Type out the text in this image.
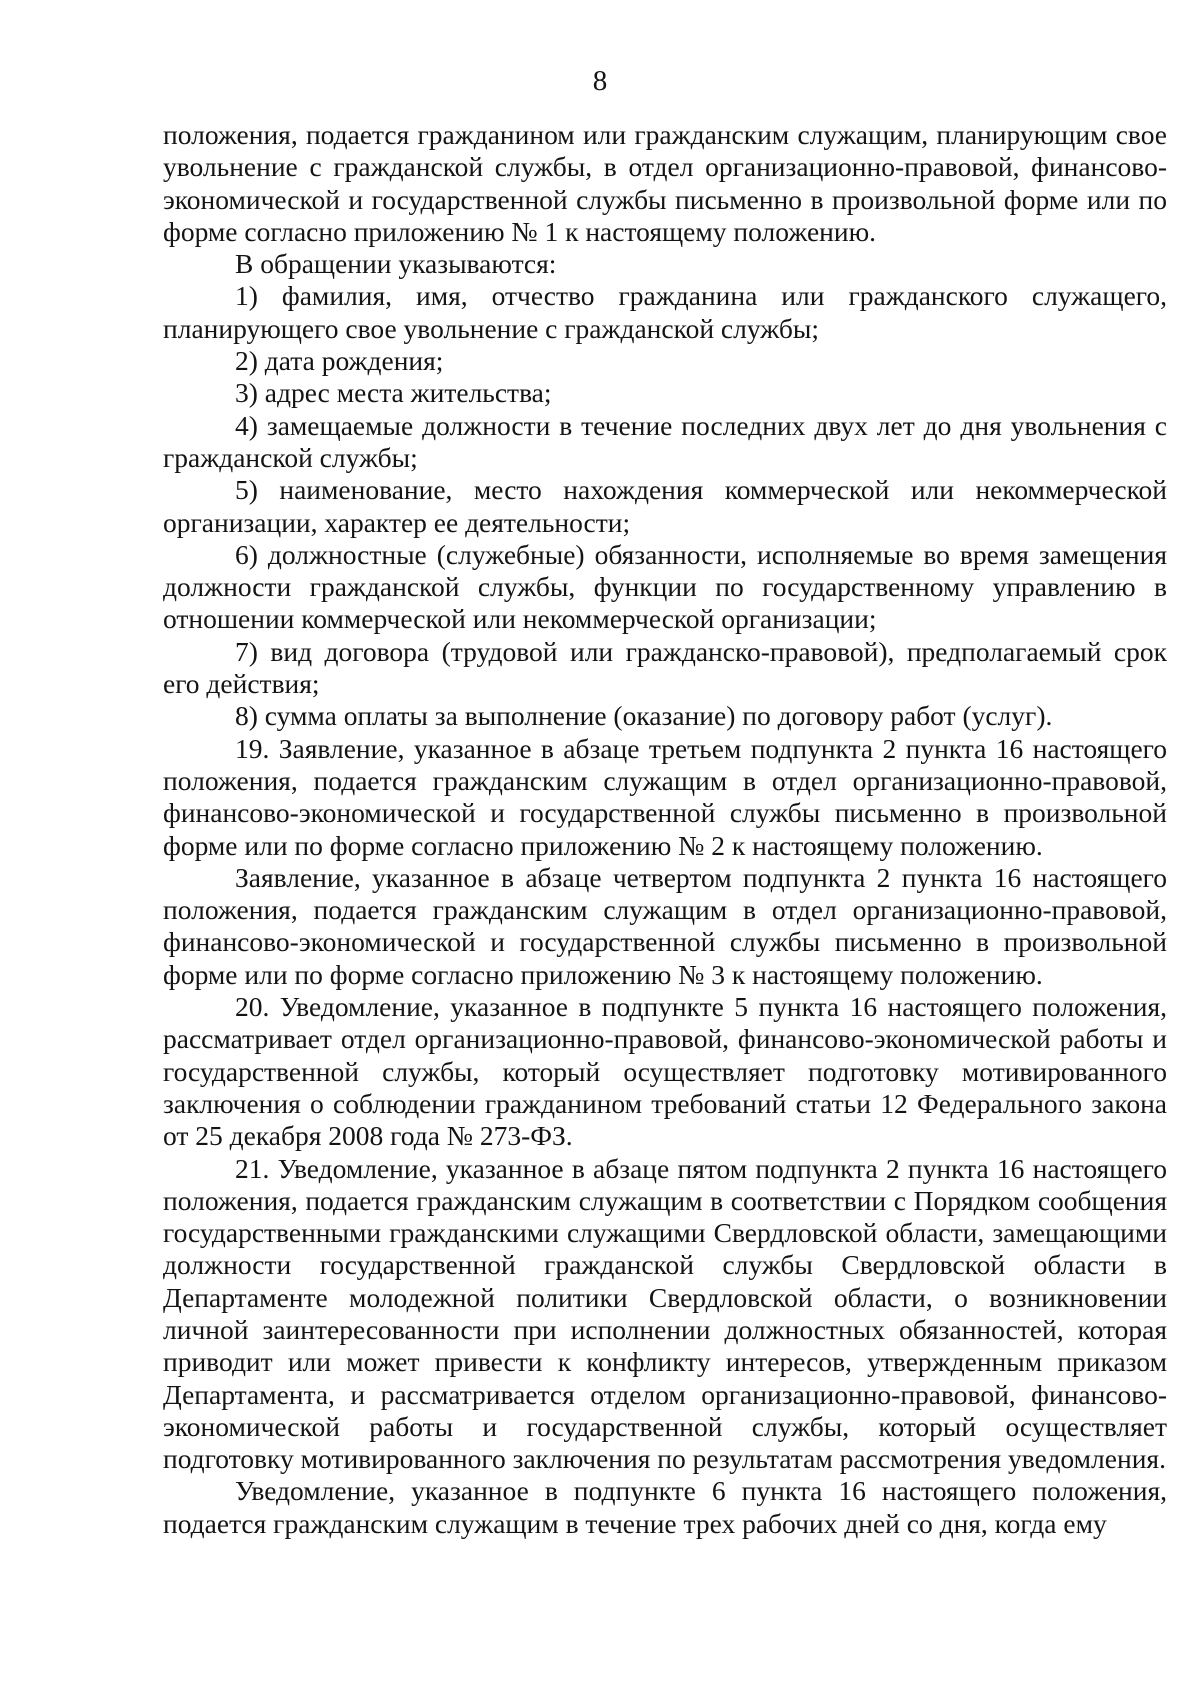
8

положения, подается гражданином или гражданским служащим, планирующим свое увольнение с гражданской службы, в отдел организационно-правовой, финансово-экономической и государственной службы письменно в произвольной форме или по форме согласно приложению № 1 к настоящему положению.

В обращении указываются:

1) фамилия, имя, отчество гражданина или гражданского служащего, планирующего свое увольнение с гражданской службы;

2) дата рождения;

3) адрес места жительства;

4) замещаемые должности в течение последних двух лет до дня увольнения с гражданской службы;

5) наименование, место нахождения коммерческой или некоммерческой организации, характер ее деятельности;

6) должностные (служебные) обязанности, исполняемые во время замещения должности гражданской службы, функции по государственному управлению в отношении коммерческой или некоммерческой организации;

7) вид договора (трудовой или гражданско-правовой), предполагаемый срок его действия;

8) сумма оплаты за выполнение (оказание) по договору работ (услуг).

19. Заявление, указанное в абзаце третьем подпункта 2 пункта 16 настоящего положения, подается гражданским служащим в отдел организационно-правовой, финансово-экономической и государственной службы письменно в произвольной форме или по форме согласно приложению № 2 к настоящему положению.

Заявление, указанное в абзаце четвертом подпункта 2 пункта 16 настоящего положения, подается гражданским служащим в отдел организационно-правовой, финансово-экономической и государственной службы письменно в произвольной форме или по форме согласно приложению № 3 к настоящему положению.

20. Уведомление, указанное в подпункте 5 пункта 16 настоящего положения, рассматривает отдел организационно-правовой, финансово-экономической работы и государственной службы, который осуществляет подготовку мотивированного заключения о соблюдении гражданином требований статьи 12 Федерального закона от 25 декабря 2008 года № 273-ФЗ.

21. Уведомление, указанное в абзаце пятом подпункта 2 пункта 16 настоящего положения, подается гражданским служащим в соответствии с Порядком сообщения государственными гражданскими служащими Свердловской области, замещающими должности государственной гражданской службы Свердловской области в Департаменте молодежной политики Свердловской области, о возникновении личной заинтересованности при исполнении должностных обязанностей, которая приводит или может привести к конфликту интересов, утвержденным приказом Департамента, и рассматривается отделом организационно-правовой, финансово-экономической работы и государственной службы, который осуществляет подготовку мотивированного заключения по результатам рассмотрения уведомления.

Уведомление, указанное в подпункте 6 пункта 16 настоящего положения, подается гражданским служащим в течение трех рабочих дней со дня, когда ему
